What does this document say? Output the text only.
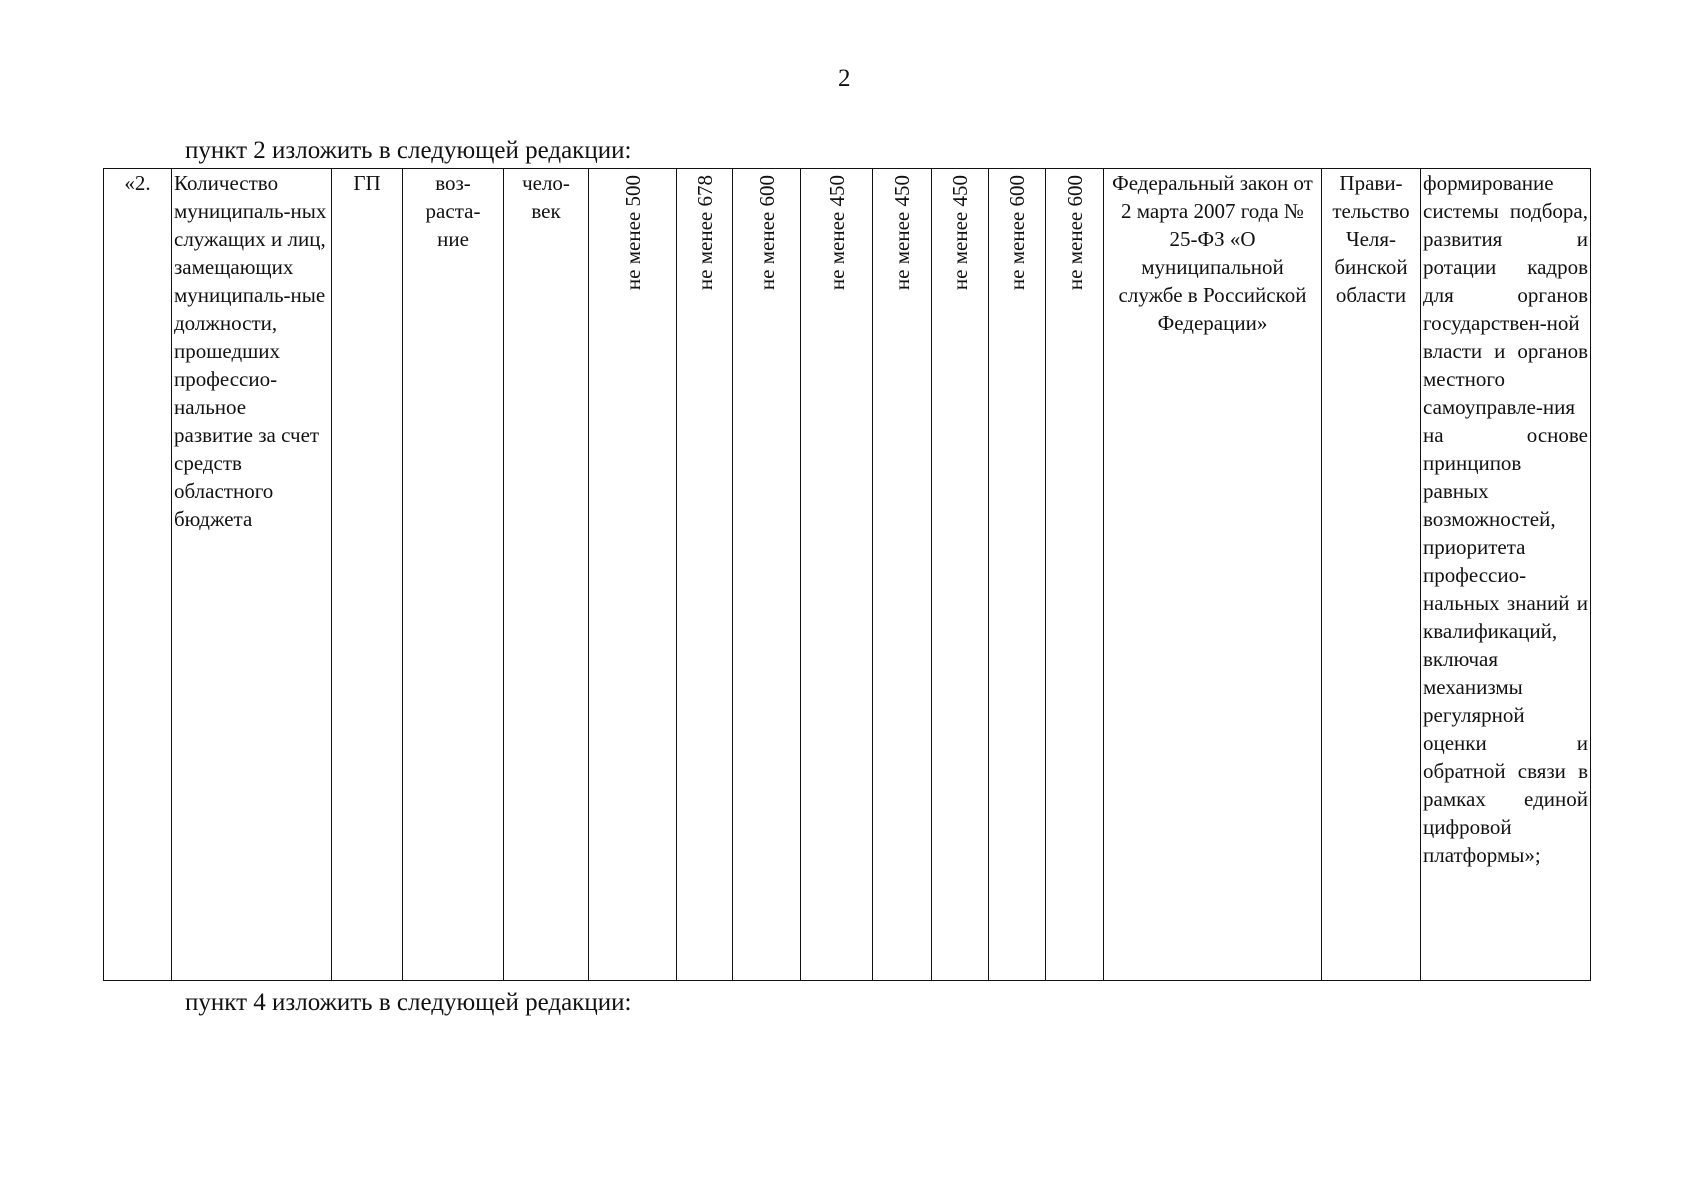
2
пункт 2 изложить в следующей редакции:
«2.	Количество муниципаль-ных служащих и лиц, замещающих муниципаль-ные должности, прошедших профессио-нальное развитие за счет средств областного бюджета	ГП	воз-раста-ние	чело-век	не менее 500	не менее 678	не менее 600	не менее 450	не менее 450	не менее 450	не менее 600	не менее 600	Федеральный закон от 2 марта 2007 года № 25-ФЗ «О муниципальной службе в Российской Федерации»	Прави-тельство Челя-бинской области	формирование системы подбора, развития и ротации кадров для органов государствен-ной власти и органов местного самоуправле-ния на основе принципов равных возможностей, приоритета профессио-нальных знаний и квалификаций, включая механизмы регулярной оценки и обратной связи в рамках единой цифровой платформы»;
пункт 4 изложить в следующей редакции:
